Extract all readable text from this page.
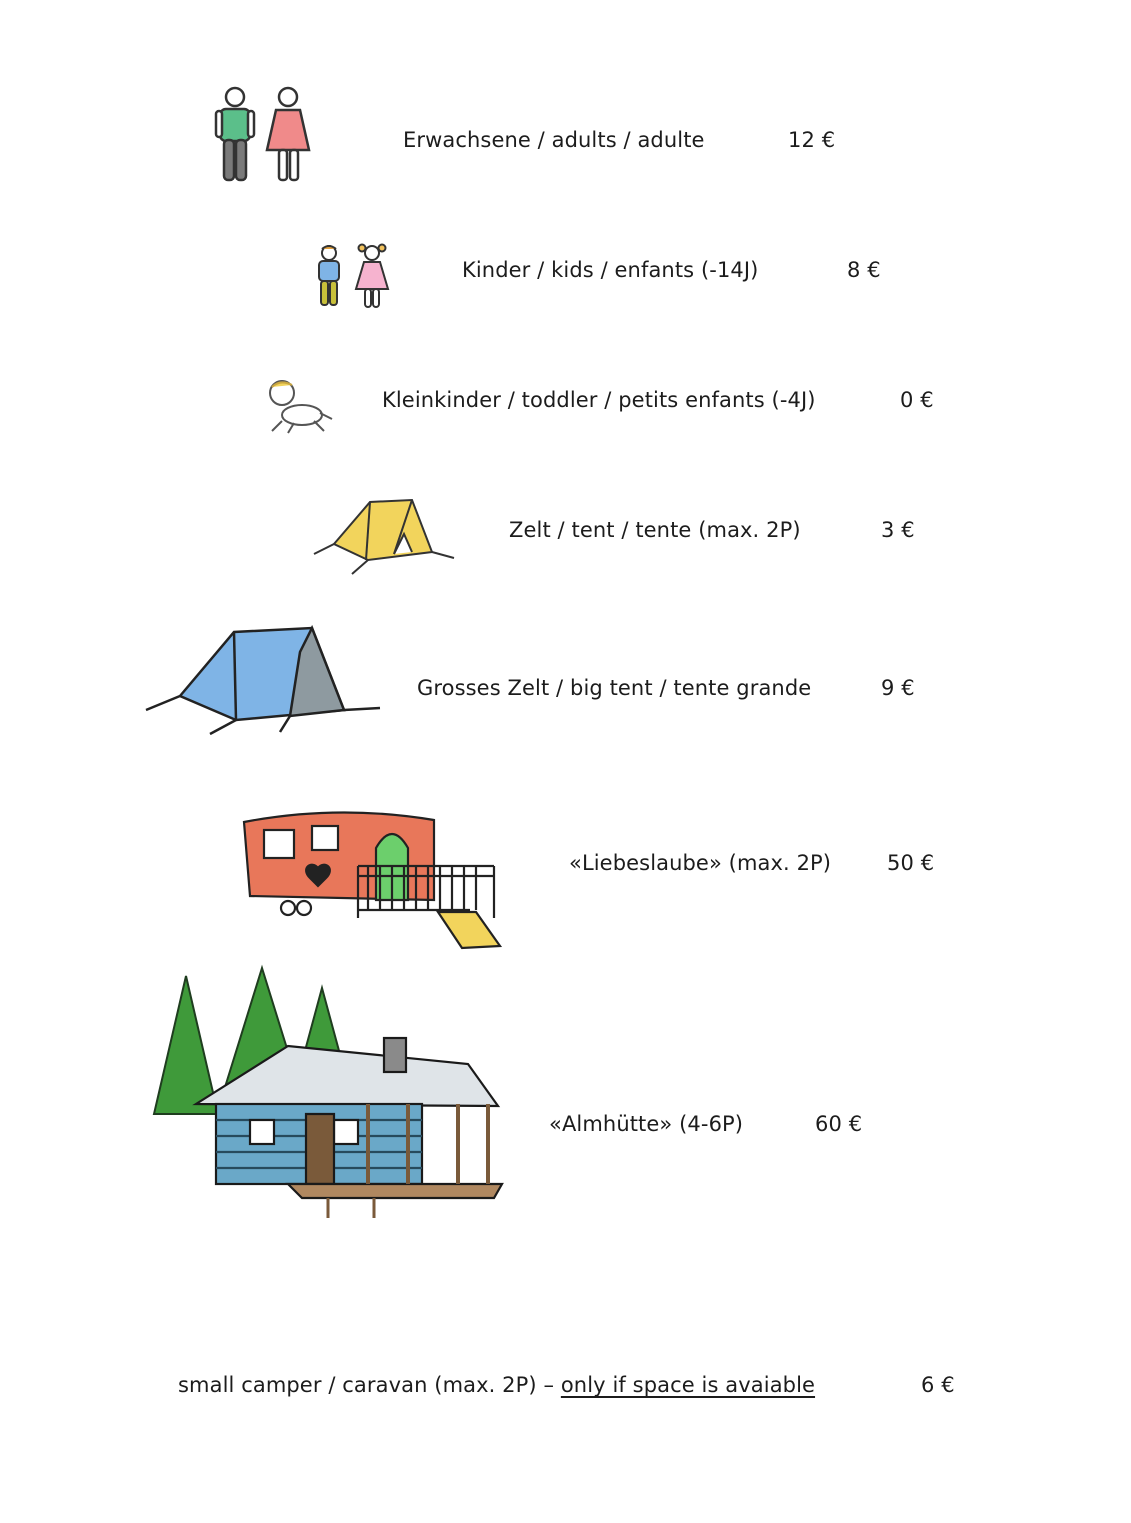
Erwachsene / adults / adulte	12 €
Kinder / kids / enfants (-14J)	8 €
Kleinkinder / toddler / petits enfants (-4J)	0 €
Zelt / tent / tente (max. 2P)	3 €
Grosses Zelt / big tent / tente grande	9 €
«Liebeslaube» (max. 2P)	50 €
«Almhütte» (4-6P)	60 €
small camper / caravan (max. 2P) – only if space is avaiable	6 €
